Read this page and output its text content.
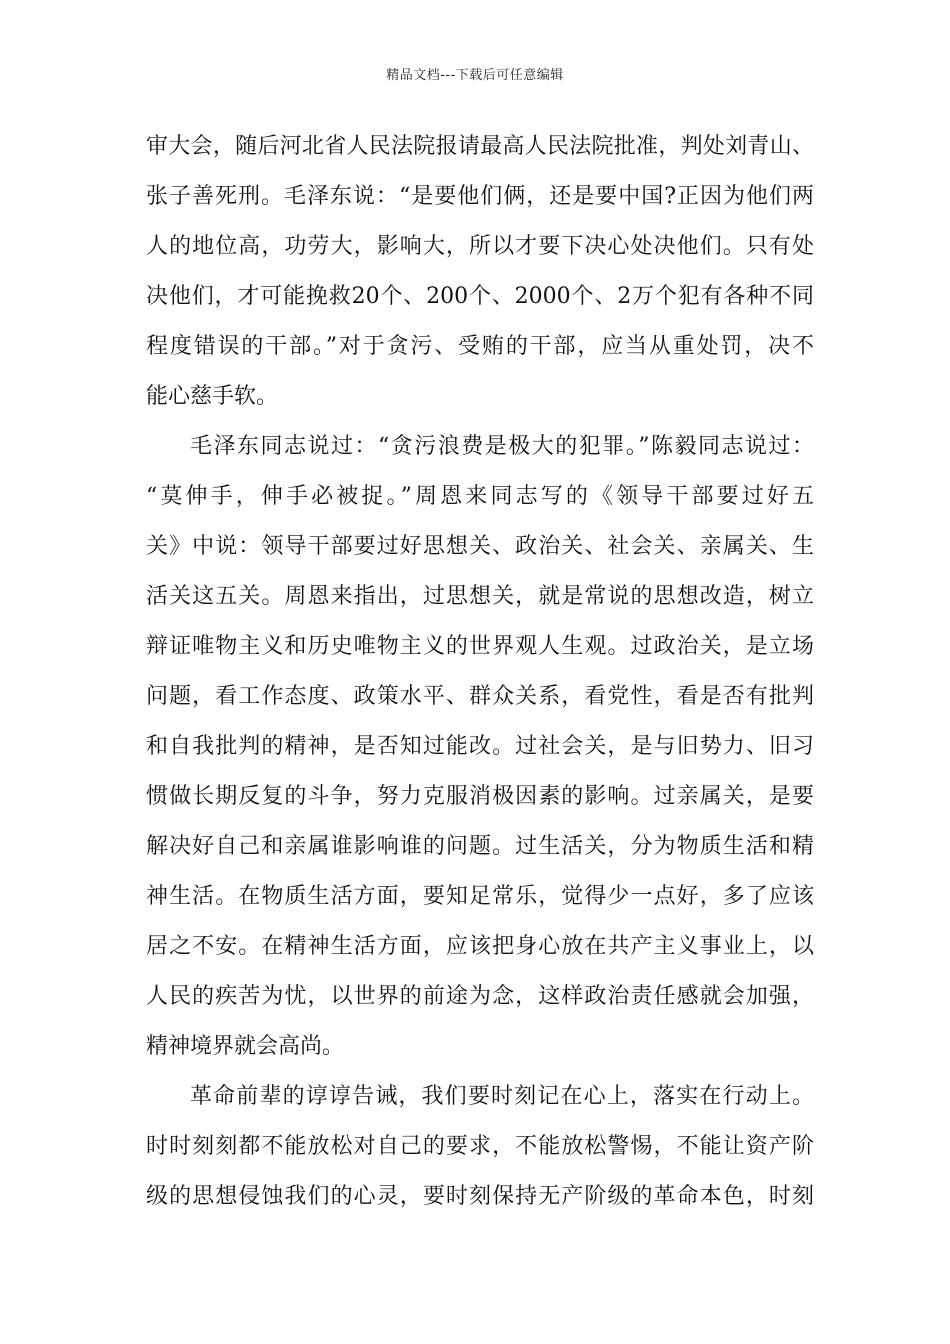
精品文档---下载后可任意编辑
审大会，随后河北省人民法院报请最高人民法院批准，判处刘青山、
张子善死刑。毛泽东说：“是要他们俩，还是要中国?正因为他们两
人的地位高，功劳大，影响大，所以才要下决心处决他们。只有处
决他们，才可能挽救20个、200个、2000个、2万个犯有各种不同
程度错误的干部。”对于贪污、受贿的干部，应当从重处罚，决不
能心慈手软。
毛泽东同志说过：“贪污浪费是极大的犯罪。”陈毅同志说过：
“莫伸手，伸手必被捉。”周恩来同志写的《领导干部要过好五
关》中说：领导干部要过好思想关、政治关、社会关、亲属关、生
活关这五关。周恩来指出，过思想关，就是常说的思想改造，树立
辩证唯物主义和历史唯物主义的世界观人生观。过政治关，是立场
问题，看工作态度、政策水平、群众关系，看党性，看是否有批判
和自我批判的精神，是否知过能改。过社会关，是与旧势力、旧习
惯做长期反复的斗争，努力克服消极因素的影响。过亲属关，是要
解决好自己和亲属谁影响谁的问题。过生活关，分为物质生活和精
神生活。在物质生活方面，要知足常乐，觉得少一点好，多了应该
居之不安。在精神生活方面，应该把身心放在共产主义事业上，以
人民的疾苦为忧，以世界的前途为念，这样政治责任感就会加强，
精神境界就会高尚。
革命前辈的谆谆告诫，我们要时刻记在心上，落实在行动上。
时时刻刻都不能放松对自己的要求，不能放松警惕，不能让资产阶
级的思想侵蚀我们的心灵，要时刻保持无产阶级的革命本色，时刻
